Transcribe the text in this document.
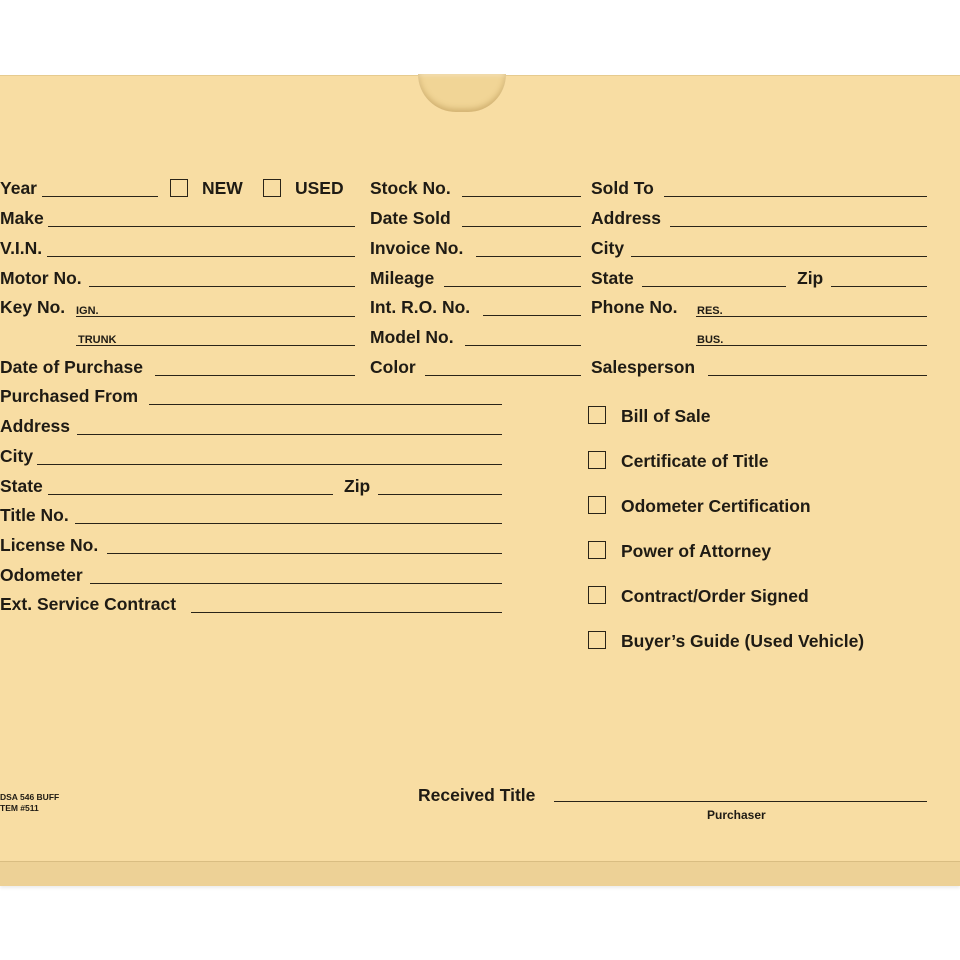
Year	NEW	USED
Make
V.I.N.
Motor No.
Key No. IGN.
TRUNK
Date of Purchase
Purchased From
Address
City
State	Zip
Title No.
License No.
Odometer
Ext. Service Contract
Stock No.
Date Sold
Invoice No.
Mileage
Int. R.O. No.
Model No.
Color
Sold To
Address
City
State	Zip
Phone No. RES.
BUS.
Salesperson
Bill of Sale
Certificate of Title
Odometer Certification
Power of Attorney
Contract/Order Signed
Buyer’s Guide (Used Vehicle)
DSA 546 BUFF
TEM #511
Received Title
Purchaser
